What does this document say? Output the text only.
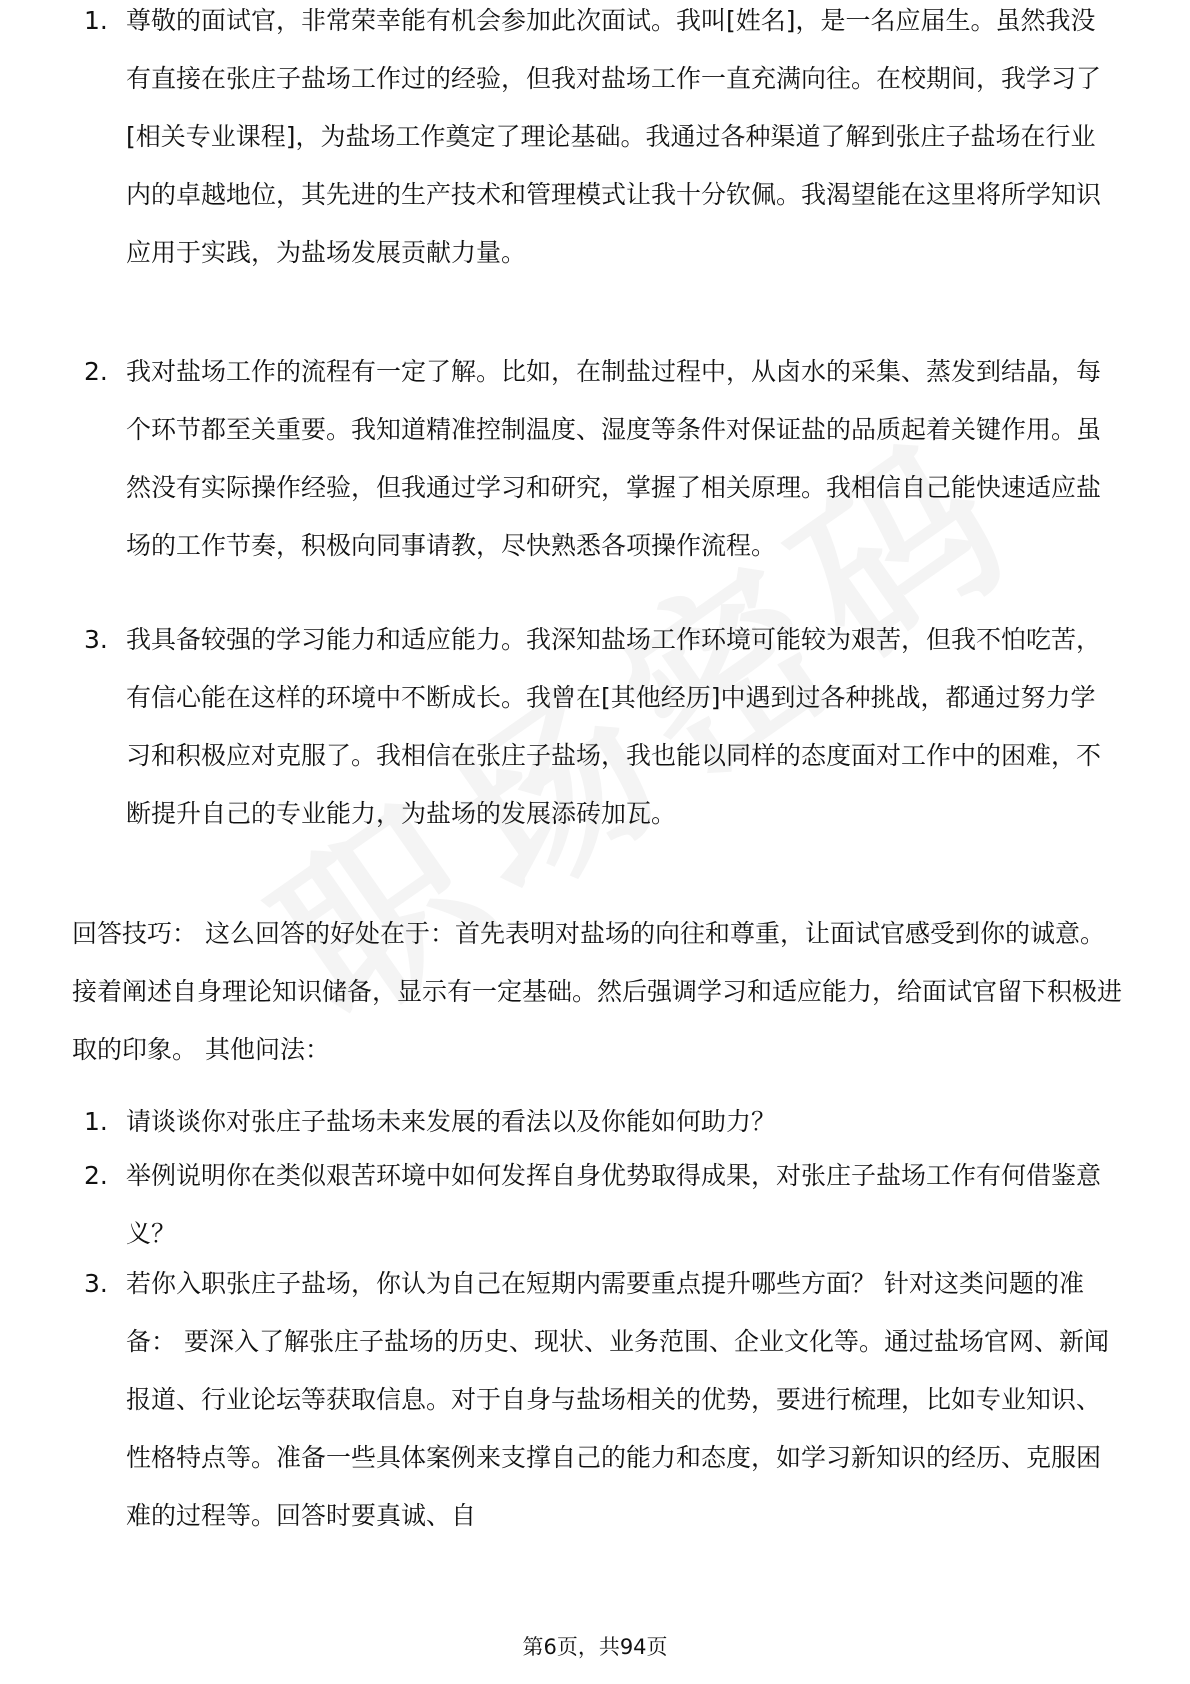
1. 尊敬的面试官，非常荣幸能有机会参加此次面试。我叫[姓名]，是一名应届生。虽然我没有直接在张庄子盐场工作过的经验，但我对盐场工作一直充满向往。在校期间，我学习了[相关专业课程]，为盐场工作奠定了理论基础。我通过各种渠道了解到张庄子盐场在行业内的卓越地位，其先进的生产技术和管理模式让我十分钦佩。我渴望能在这里将所学知识应用于实践，为盐场发展贡献力量。

2. 我对盐场工作的流程有一定了解。比如，在制盐过程中，从卤水的采集、蒸发到结晶，每个环节都至关重要。我知道精准控制温度、湿度等条件对保证盐的品质起着关键作用。虽然没有实际操作经验，但我通过学习和研究，掌握了相关原理。我相信自己能快速适应盐场的工作节奏，积极向同事请教，尽快熟悉各项操作流程。

3. 我具备较强的学习能力和适应能力。我深知盐场工作环境可能较为艰苦，但我不怕吃苦，有信心能在这样的环境中不断成长。我曾在[其他经历]中遇到过各种挑战，都通过努力学习和积极应对克服了。我相信在张庄子盐场，我也能以同样的态度面对工作中的困难，不断提升自己的专业能力，为盐场的发展添砖加瓦。

回答技巧： 这么回答的好处在于：首先表明对盐场的向往和尊重，让面试官感受到你的诚意。接着阐述自身理论知识储备，显示有一定基础。然后强调学习和适应能力，给面试官留下积极进取的印象。 其他问法：

1. 请谈谈你对张庄子盐场未来发展的看法以及你能如何助力？

2. 举例说明你在类似艰苦环境中如何发挥自身优势取得成果，对张庄子盐场工作有何借鉴意义？

3. 若你入职张庄子盐场，你认为自己在短期内需要重点提升哪些方面？ 针对这类问题的准备： 要深入了解张庄子盐场的历史、现状、业务范围、企业文化等。通过盐场官网、新闻报道、行业论坛等获取信息。对于自身与盐场相关的优势，要进行梳理，比如专业知识、性格特点等。准备一些具体案例来支撑自己的能力和态度，如学习新知识的经历、克服困难的过程等。回答时要真诚、自

第6页，共94页
